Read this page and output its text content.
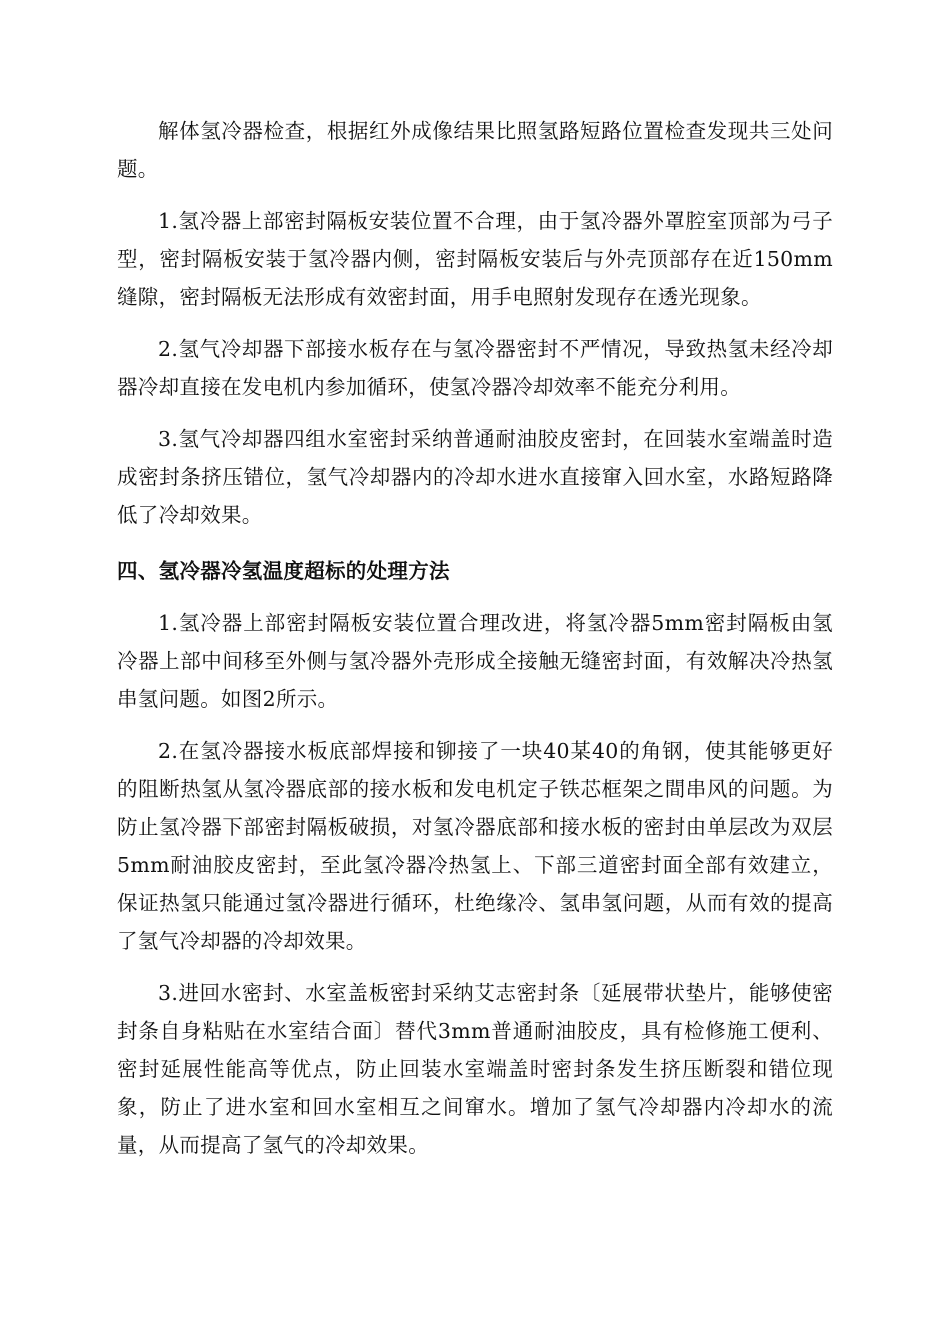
解体氢冷器检查，根据红外成像结果比照氢路短路位置检查发现共三处问题。

1.氢冷器上部密封隔板安装位置不合理，由于氢冷器外罩腔室顶部为弓子型，密封隔板安装于氢冷器内侧，密封隔板安装后与外壳顶部存在近150mm缝隙，密封隔板无法形成有效密封面，用手电照射发现存在透光现象。

2.氢气冷却器下部接水板存在与氢冷器密封不严情况，导致热氢未经冷却器冷却直接在发电机内参加循环，使氢冷器冷却效率不能充分利用。

3.氢气冷却器四组水室密封采纳普通耐油胶皮密封，在回装水室端盖时造成密封条挤压错位，氢气冷却器内的冷却水进水直接窜入回水室，水路短路降低了冷却效果。

四、氢冷器冷氢温度超标的处理方法

1.氢冷器上部密封隔板安装位置合理改进，将氢冷器5mm密封隔板由氢冷器上部中间移至外侧与氢冷器外壳形成全接触无缝密封面，有效解决冷热氢串氢问题。如图2所示。

2.在氢冷器接水板底部焊接和铆接了一块40某40的角钢，使其能够更好的阻断热氢从氢冷器底部的接水板和发电机定子铁芯框架之間串风的问题。为防止氢冷器下部密封隔板破损，对氢冷器底部和接水板的密封由单层改为双层5mm耐油胶皮密封，至此氢冷器冷热氢上、下部三道密封面全部有效建立，保证热氢只能通过氢冷器进行循环，杜绝缘冷、氢串氢问题，从而有效的提高了氢气冷却器的冷却效果。

3.进回水密封、水室盖板密封采纳艾志密封条〔延展带状垫片，能够使密封条自身粘贴在水室结合面〕替代3mm普通耐油胶皮，具有检修施工便利、密封延展性能高等优点，防止回装水室端盖时密封条发生挤压断裂和错位现象，防止了进水室和回水室相互之间窜水。增加了氢气冷却器内冷却水的流量，从而提高了氢气的冷却效果。
